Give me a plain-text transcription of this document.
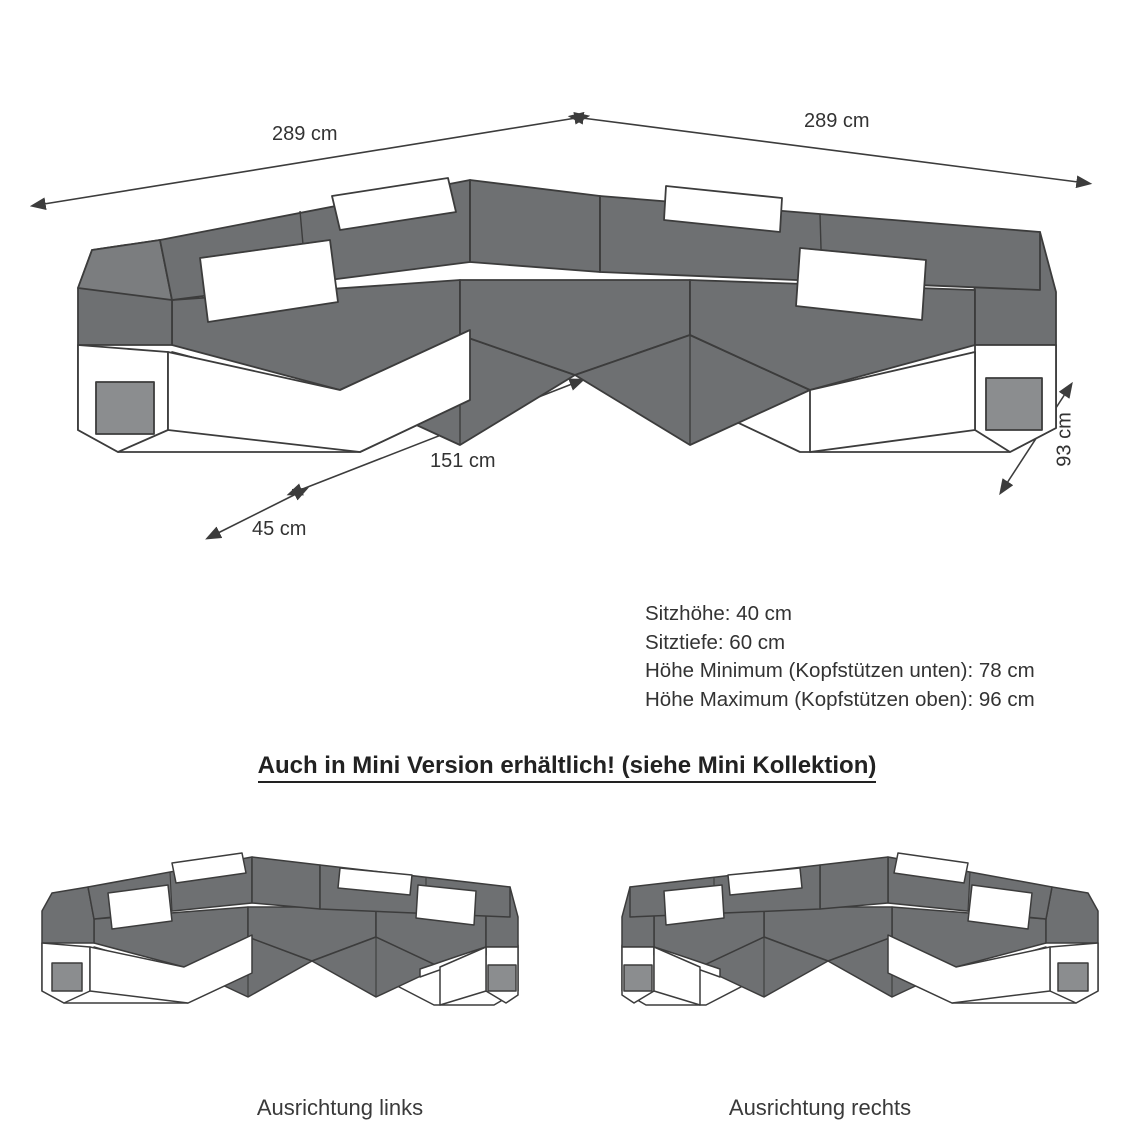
289 cm
289 cm
151 cm
45 cm
93 cm
Sitzhöhe: 40 cm
Sitztiefe: 60 cm
Höhe Minimum (Kopfstützen unten): 78 cm
Höhe Maximum (Kopfstützen oben): 96 cm
Auch in Mini Version erhältlich! (siehe Mini Kollektion)
Ausrichtung links	Ausrichtung rechts
